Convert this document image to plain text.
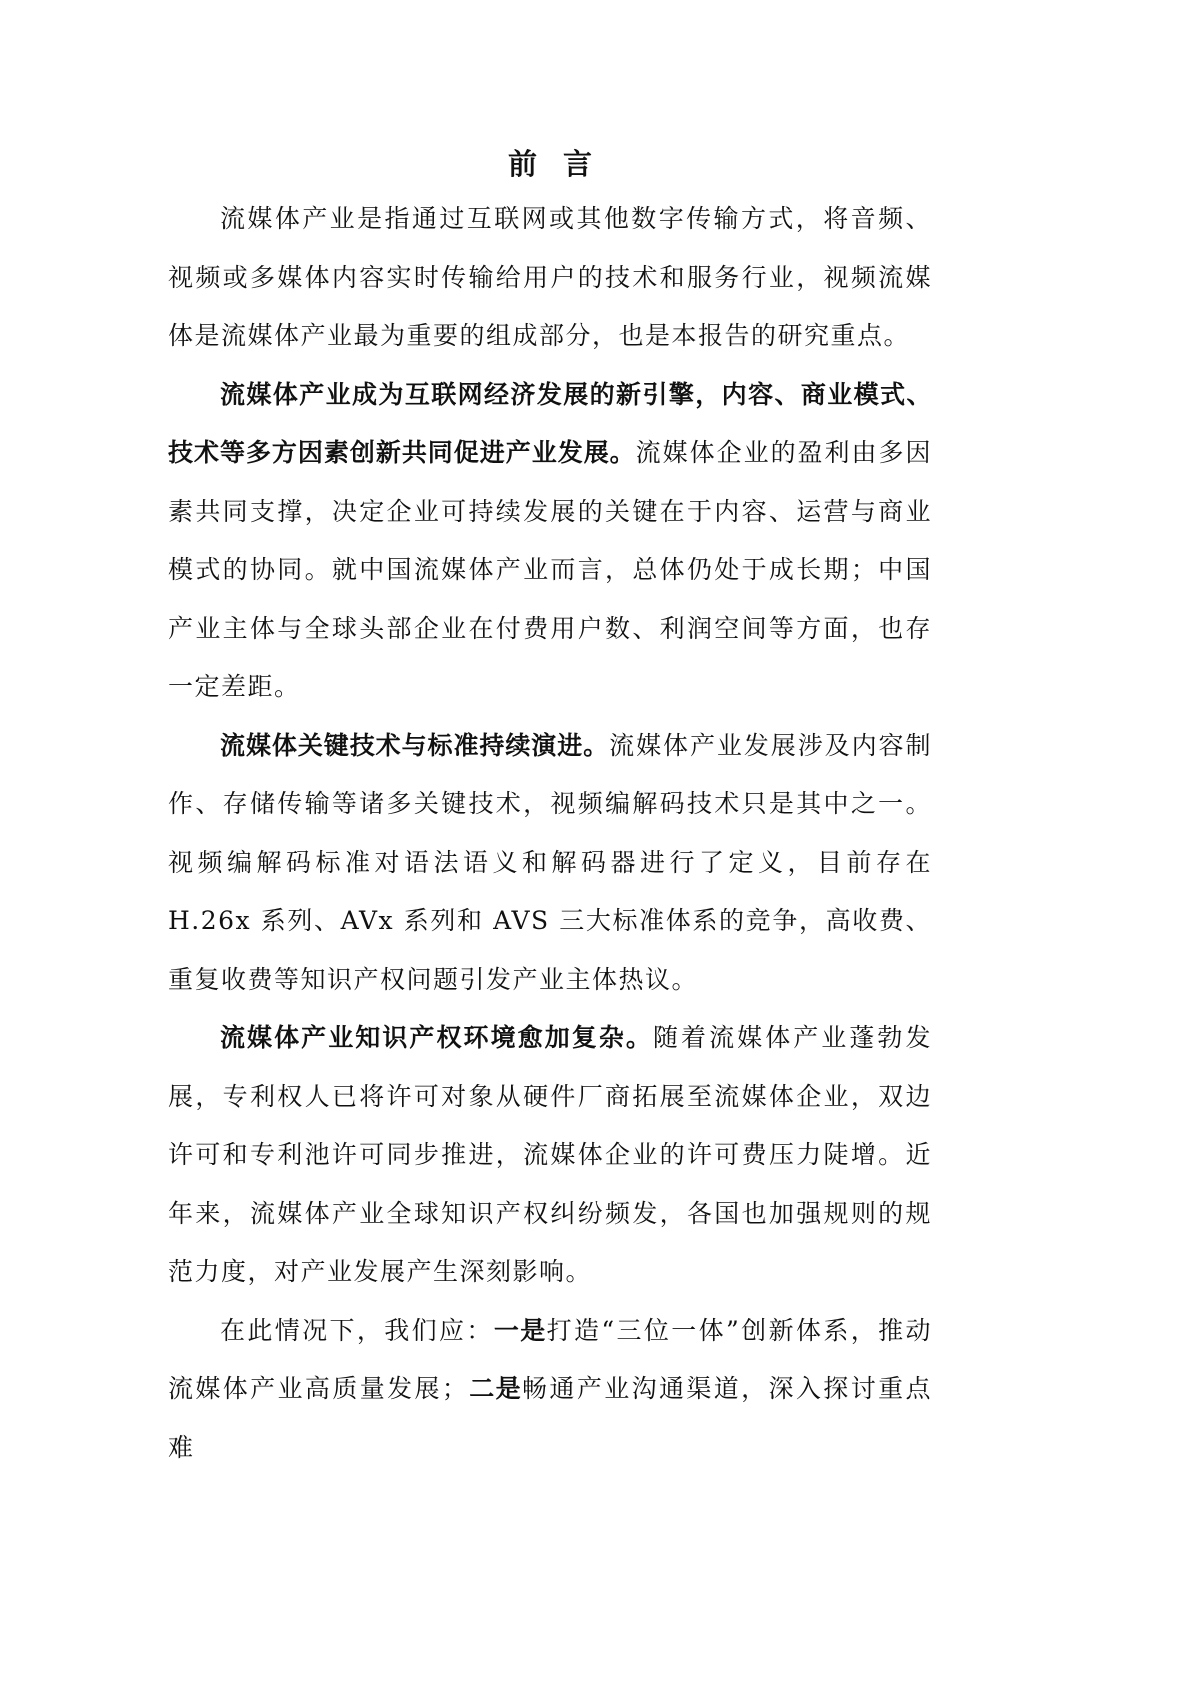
前言

流媒体产业是指通过互联网或其他数字传输方式，将音频、视频或多媒体内容实时传输给用户的技术和服务行业，视频流媒体是流媒体产业最为重要的组成部分，也是本报告的研究重点。

流媒体产业成为互联网经济发展的新引擎，内容、商业模式、技术等多方因素创新共同促进产业发展。流媒体企业的盈利由多因素共同支撑，决定企业可持续发展的关键在于内容、运营与商业模式的协同。就中国流媒体产业而言，总体仍处于成长期；中国产业主体与全球头部企业在付费用户数、利润空间等方面，也存一定差距。

流媒体关键技术与标准持续演进。流媒体产业发展涉及内容制作、存储传输等诸多关键技术，视频编解码技术只是其中之一。视频编解码标准对语法语义和解码器进行了定义，目前存在 H.26x 系列、AVx 系列和 AVS 三大标准体系的竞争，高收费、重复收费等知识产权问题引发产业主体热议。

流媒体产业知识产权环境愈加复杂。随着流媒体产业蓬勃发展，专利权人已将许可对象从硬件厂商拓展至流媒体企业，双边许可和专利池许可同步推进，流媒体企业的许可费压力陡增。近年来，流媒体产业全球知识产权纠纷频发，各国也加强规则的规范力度，对产业发展产生深刻影响。

在此情况下，我们应：一是打造“三位一体”创新体系，推动流媒体产业高质量发展；二是畅通产业沟通渠道，深入探讨重点难
